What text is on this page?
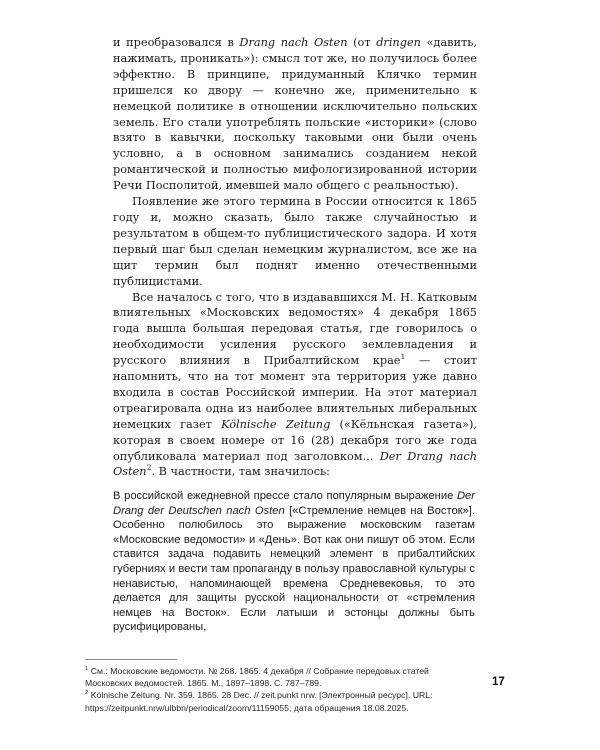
и преобразовался в Drang nach Osten (от dringen «давить, нажимать, проникать»): смысл тот же, но получилось более эффектно. В принципе, придуманный Клячко термин пришелся ко двору — конечно же, применительно к немецкой политике в отношении исключительно польских земель. Его стали употреблять польские «историки» (слово взято в кавычки, поскольку таковыми они были очень условно, а в основном занимались созданием некой романтической и полностью мифологизированной истории Речи Посполитой, имевшей мало общего с реальностью).

Появление же этого термина в России относится к 1865 году и, можно сказать, было также случайностью и результатом в общем-то публицистического задора. И хотя первый шаг был сделан немецким журналистом, все же на щит термин был поднят именно отечественными публицистами.

Все началось с того, что в издававшихся М. Н. Катковым влиятельных «Московских ведомостях» 4 декабря 1865 года вышла большая передовая статья, где говорилось о необходимости усиления русского землевладения и русского влияния в Прибалтийском крае$^1$ — стоит напомнить, что на тот момент эта территория уже давно входила в состав Российской империи. На этот материал отреагировала одна из наиболее влиятельных либеральных немецких газет Kölnische Zeitung («Кёльнская газета»), которая в своем номере от 16 (28) декабря того же года опубликовала материал под заголовком... Der Drang nach Osten$^2$. В частности, там значилось:

В российской ежедневной прессе стало популярным выражение Der Drang der Deutschen nach Osten [«Стремление немцев на Восток»]. Особенно полюбилось это выражение московским газетам «Московские ведомости» и «День». Вот как они пишут об этом. Если ставится задача подавить немецкий элемент в прибалтийских губерниях и вести там пропаганду в пользу православной культуры с ненавистью, напоминающей времена Средневековья, то это делается для защиты русской национальности от «стремления немцев на Восток». Если латыши и эстонцы должны быть русифицированы,

$^1$ См.: Московские ведомости. № 268. 1865. 4 декабря // Собрание передовых статей Московских ведомостей. 1865. М., 1897–1898. С. 787–789.

$^2$ Kölnische Zeitung. Nr. 359. 1865. 28 Dec. // zeit.punkt nrw. [Электронный ресурс]. URL: https://zeitpunkt.nrw/ulbbn/periodical/zoom/11159055; дата обращения 18.08.2025.

17
